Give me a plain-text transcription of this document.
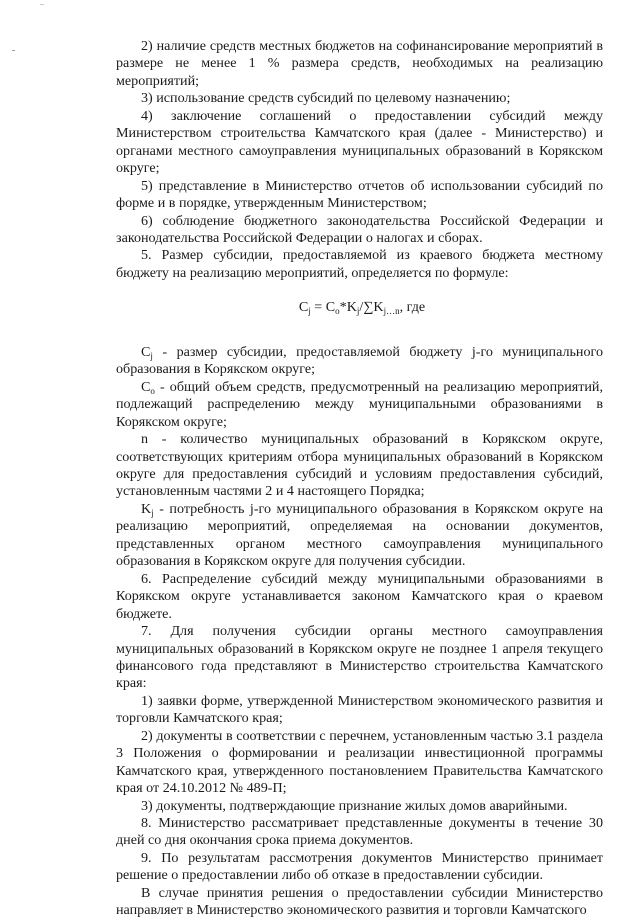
2) наличие средств местных бюджетов на софинансирование мероприятий в размере не менее 1 % размера средств, необходимых на реализацию мероприятий;

3) использование средств субсидий по целевому назначению;

4) заключение соглашений о предоставлении субсидий между Министерством строительства Камчатского края (далее - Министерство) и органами местного самоуправления муниципальных образований в Корякском округе;

5) представление в Министерство отчетов об использовании субсидий по форме и в порядке, утвержденным Министерством;

6) соблюдение бюджетного законодательства Российской Федерации и законодательства Российской Федерации о налогах и сборах.

5. Размер субсидии, предоставляемой из краевого бюджета местному бюджету на реализацию мероприятий, определяется по формуле:

$C_j = C_o*K_j/\sum K_{j\dots n}$, где

$C_j$ - размер субсидии, предоставляемой бюджету j-го муниципального образования в Корякском округе;

$C_o$ - общий объем средств, предусмотренный на реализацию мероприятий, подлежащий распределению между муниципальными образованиями в Корякском округе;

n - количество муниципальных образований в Корякском округе, соответствующих критериям отбора муниципальных образований в Корякском округе для предоставления субсидий и условиям предоставления субсидий, установленным частями 2 и 4 настоящего Порядка;

$K_j$ - потребность j-го муниципального образования в Корякском округе на реализацию мероприятий, определяемая на основании документов, представленных органом местного самоуправления муниципального образования в Корякском округе для получения субсидии.

6. Распределение субсидий между муниципальными образованиями в Корякском округе устанавливается законом Камчатского края о краевом бюджете.

7. Для получения субсидии органы местного самоуправления муниципальных образований в Корякском округе не позднее 1 апреля текущего финансового года представляют в Министерство строительства Камчатского края:

1) заявки форме, утвержденной Министерством экономического развития и торговли Камчатского края;

2) документы в соответствии с перечнем, установленным частью 3.1 раздела 3 Положения о формировании и реализации инвестиционной программы Камчатского края, утвержденного постановлением Правительства Камчатского края от 24.10.2012 № 489-П;

3) документы, подтверждающие признание жилых домов аварийными.

8. Министерство рассматривает представленные документы в течение 30 дней со дня окончания срока приема документов.

9. По результатам рассмотрения документов Министерство принимает решение о предоставлении либо об отказе в предоставлении субсидии.

В случае принятия решения о предоставлении субсидии Министерство направляет в Министерство экономического развития и торговли Камчатского
